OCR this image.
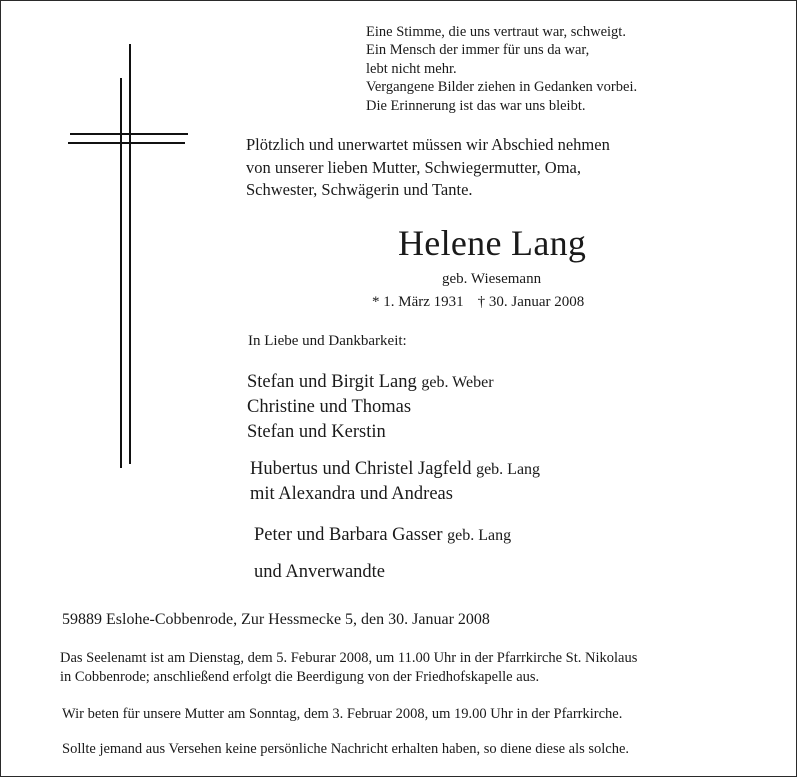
Eine Stimme, die uns vertraut war, schweigt.
Ein Mensch der immer für uns da war,
lebt nicht mehr.
Vergangene Bilder ziehen in Gedanken vorbei.
Die Erinnerung ist das war uns bleibt.
Plötzlich und unerwartet müssen wir Abschied nehmen
von unserer lieben Mutter, Schwiegermutter, Oma,
Schwester, Schwägerin und Tante.
Helene Lang
geb. Wiesemann
* 1. März 1931 † 30. Januar 2008
In Liebe und Dankbarkeit:
Stefan und Birgit Lang geb. Weber
Christine und Thomas
Stefan und Kerstin
Hubertus und Christel Jagfeld geb. Lang
mit Alexandra und Andreas
Peter und Barbara Gasser geb. Lang
und Anverwandte
59889 Eslohe-Cobbenrode, Zur Hessmecke 5, den 30. Januar 2008
Das Seelenamt ist am Dienstag, dem 5. Feburar 2008, um 11.00 Uhr in der Pfarrkirche St. Nikolaus
in Cobbenrode; anschließend erfolgt die Beerdigung von der Friedhofskapelle aus.
Wir beten für unsere Mutter am Sonntag, dem 3. Februar 2008, um 19.00 Uhr in der Pfarrkirche.
Sollte jemand aus Versehen keine persönliche Nachricht erhalten haben, so diene diese als solche.
